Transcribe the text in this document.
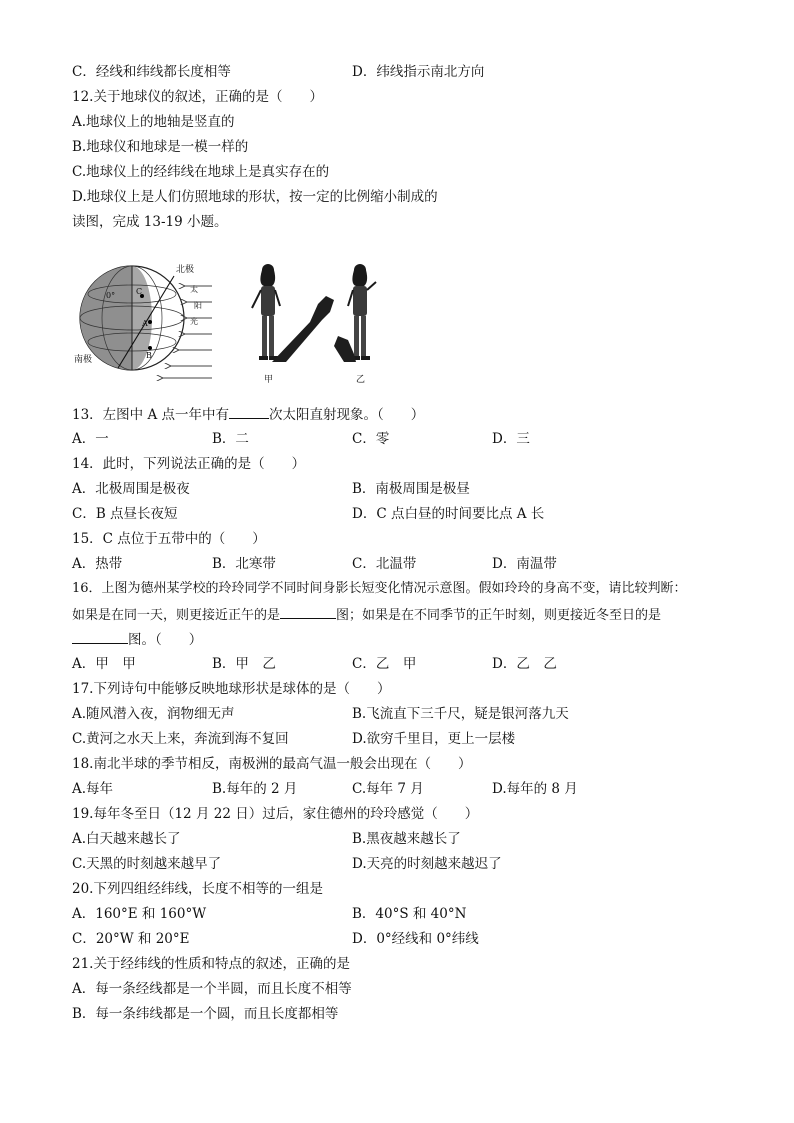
C．经线和纬线都长度相等	D．纬线指示南北方向
12.关于地球仪的叙述，正确的是（　　）
A.地球仪上的地轴是竖直的
B.地球仪和地球是一模一样的
C.地球仪上的经纬线在地球上是真实存在的
D.地球仪上是人们仿照地球的形状，按一定的比例缩小制成的
读图，完成 13-19 小题。
北极
南极
0°	C
A
B
太
阳
光
甲	乙
13．左图中 A 点一年中有	次太阳直射现象。（　　）
A．一	B．二	C．零	D．三
14．此时，下列说法正确的是（　　）
A．北极周围是极夜	B．南极周围是极昼
C．B 点昼长夜短	D．C 点白昼的时间要比点 A 长
15．C 点位于五带中的（　　）
A．热带	B．北寒带	C．北温带	D．南温带
16．上图为德州某学校的玲玲同学不同时间身影长短变化情况示意图。假如玲玲的身高不变，请比较判断：
如果是在同一天，则更接近正午的是	图；如果是在不同季节的正午时刻，则更接近冬至日的是
图。（　　）
A．甲　甲	B．甲　乙	C．乙　甲	D．乙　乙
17.下列诗句中能够反映地球形状是球体的是（　　）
A.随风潜入夜，润物细无声	B.飞流直下三千尺，疑是银河落九天
C.黄河之水天上来，奔流到海不复回	D.欲穷千里目，更上一层楼
18.南北半球的季节相反，南极洲的最高气温一般会出现在（　　）
A.每年	B.每年的 2 月	C.每年 7 月	D.每年的 8 月
19.每年冬至日（12 月 22 日）过后，家住德州的玲玲感觉（　　）
A.白天越来越长了	B.黑夜越来越长了
C.天黑的时刻越来越早了	D.天亮的时刻越来越迟了
20.下列四组经纬线，长度不相等的一组是
A．160°E 和 160°W	B．40°S 和 40°N
C．20°W 和 20°E	D．0°经线和 0°纬线
21.关于经纬线的性质和特点的叙述，正确的是
A．每一条经线都是一个半圆，而且长度不相等
B．每一条纬线都是一个圆，而且长度都相等
